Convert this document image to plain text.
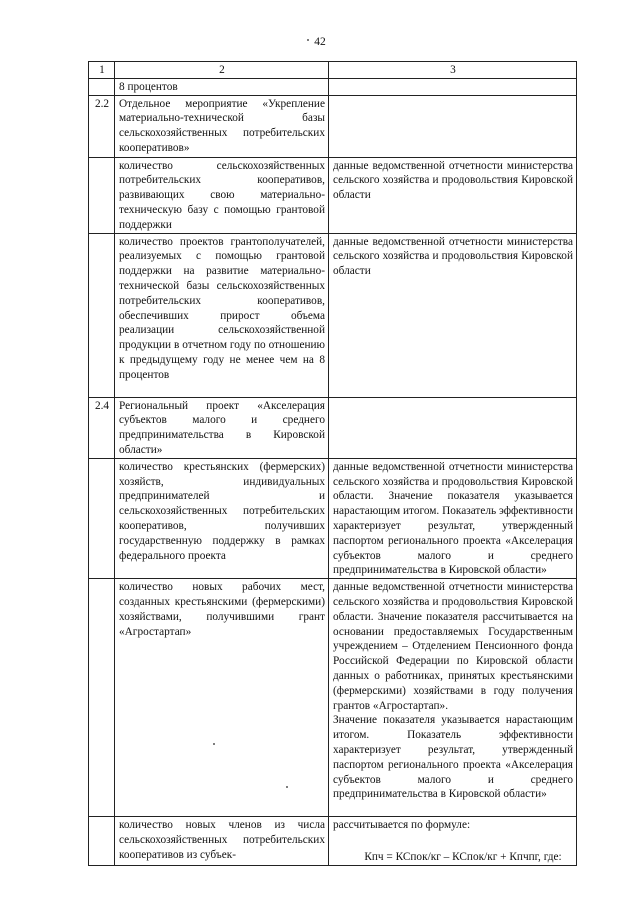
42
1	2	3
	8 процентов	
2.2	Отдельное мероприятие «Укрепление материально-технической базы сельскохозяйственных потребительских кооперативов»	
	количество сельскохозяйственных потребительских кооперативов, развивающих свою материально-техническую базу с помощью грантовой поддержки	данные ведомственной отчетности министерства сельского хозяйства и продовольствия Кировской области
	количество проектов грантополучателей, реализуемых с помощью грантовой поддержки на развитие материально-технической базы сельскохозяйственных потребительских кооперативов, обеспечивших прирост объема реализации сельскохозяйственной продукции в отчетном году по отношению к предыдущему году не менее чем на 8 процентов	данные ведомственной отчетности министерства сельского хозяйства и продовольствия Кировской области
2.4	Региональный проект «Акселерация субъектов малого и среднего предпринимательства в Кировской области»	
	количество крестьянских (фермерских) хозяйств, индивидуальных предпринимателей и сельскохозяйственных потребительских кооперативов, получивших государственную поддержку в рамках федерального проекта	данные ведомственной отчетности министерства сельского хозяйства и продовольствия Кировской области. Значение показателя указывается нарастающим итогом. Показатель эффективности характеризует результат, утвержденный паспортом регионального проекта «Акселерация субъектов малого и среднего предпринимательства в Кировской области»
	количество новых рабочих мест, созданных крестьянскими (фермерскими) хозяйствами, получившими грант «Агростартап»	данные ведомственной отчетности министерства сельского хозяйства и продовольствия Кировской области. Значение показателя рассчитывается на основании предоставляемых Государственным учреждением – Отделением Пенсионного фонда Российской Федерации по Кировской области данных о работниках, принятых крестьянскими (фермерскими) хозяйствами в году получения грантов «Агростартап».
Значение показателя указывается нарастающим итогом. Показатель эффективности характеризует результат, утвержденный паспортом регионального проекта «Акселерация субъектов малого и среднего предпринимательства в Кировской области»

	количество новых членов из числа сельскохозяйственных потребительских кооперативов из субъек-	рассчитывается по формуле:
Кпч = КСпок/кг – КСпок/кг + Кпчпг, где:
